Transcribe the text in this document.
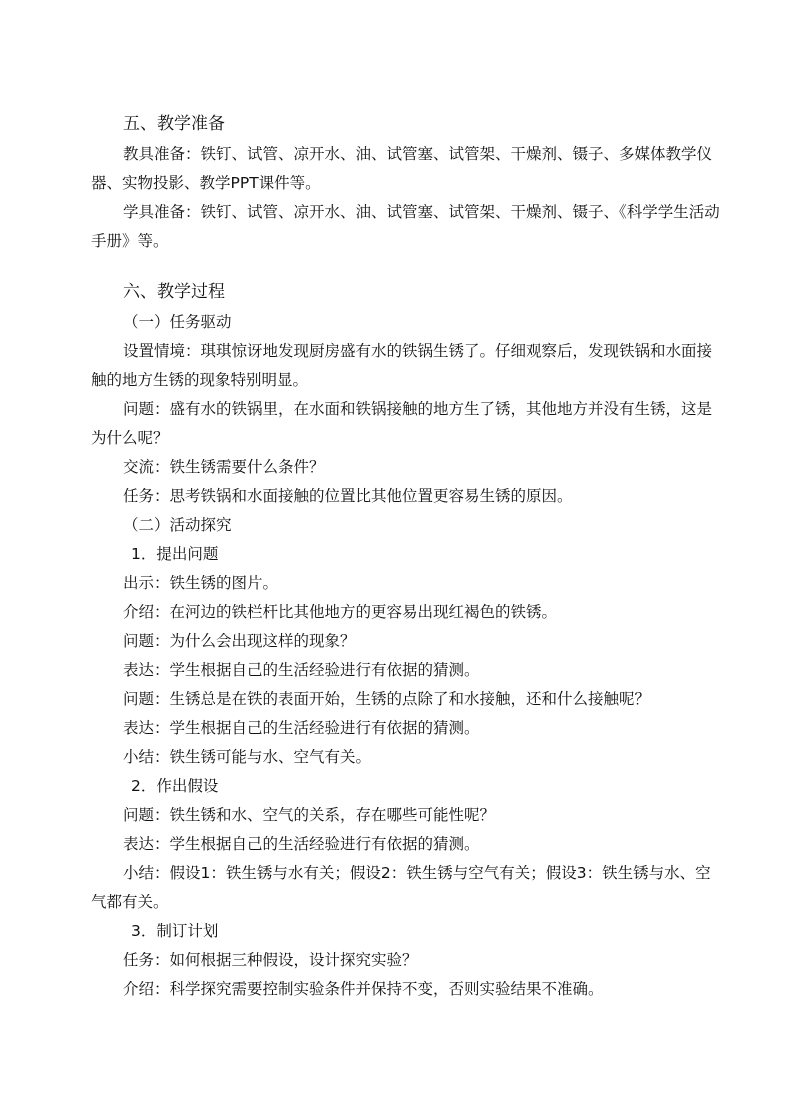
五、教学准备

教具准备：铁钉、试管、凉开水、油、试管塞、试管架、干燥剂、镊子、多媒体教学仪器、实物投影、教学PPT课件等。

学具准备：铁钉、试管、凉开水、油、试管塞、试管架、干燥剂、镊子、《科学学生活动手册》等。

六、教学过程

（一）任务驱动

设置情境：琪琪惊讶地发现厨房盛有水的铁锅生锈了。仔细观察后，发现铁锅和水面接触的地方生锈的现象特别明显。

问题：盛有水的铁锅里，在水面和铁锅接触的地方生了锈，其他地方并没有生锈，这是为什么呢？

交流：铁生锈需要什么条件？

任务：思考铁锅和水面接触的位置比其他位置更容易生锈的原因。

（二）活动探究

1．提出问题

出示：铁生锈的图片。

介绍：在河边的铁栏杆比其他地方的更容易出现红褐色的铁锈。

问题：为什么会出现这样的现象？

表达：学生根据自己的生活经验进行有依据的猜测。

问题：生锈总是在铁的表面开始，生锈的点除了和水接触，还和什么接触呢？

表达：学生根据自己的生活经验进行有依据的猜测。

小结：铁生锈可能与水、空气有关。

2．作出假设

问题：铁生锈和水、空气的关系，存在哪些可能性呢？

表达：学生根据自己的生活经验进行有依据的猜测。

小结：假设1：铁生锈与水有关；假设2：铁生锈与空气有关；假设3：铁生锈与水、空气都有关。

3．制订计划

任务：如何根据三种假设，设计探究实验？

介绍：科学探究需要控制实验条件并保持不变，否则实验结果不准确。
